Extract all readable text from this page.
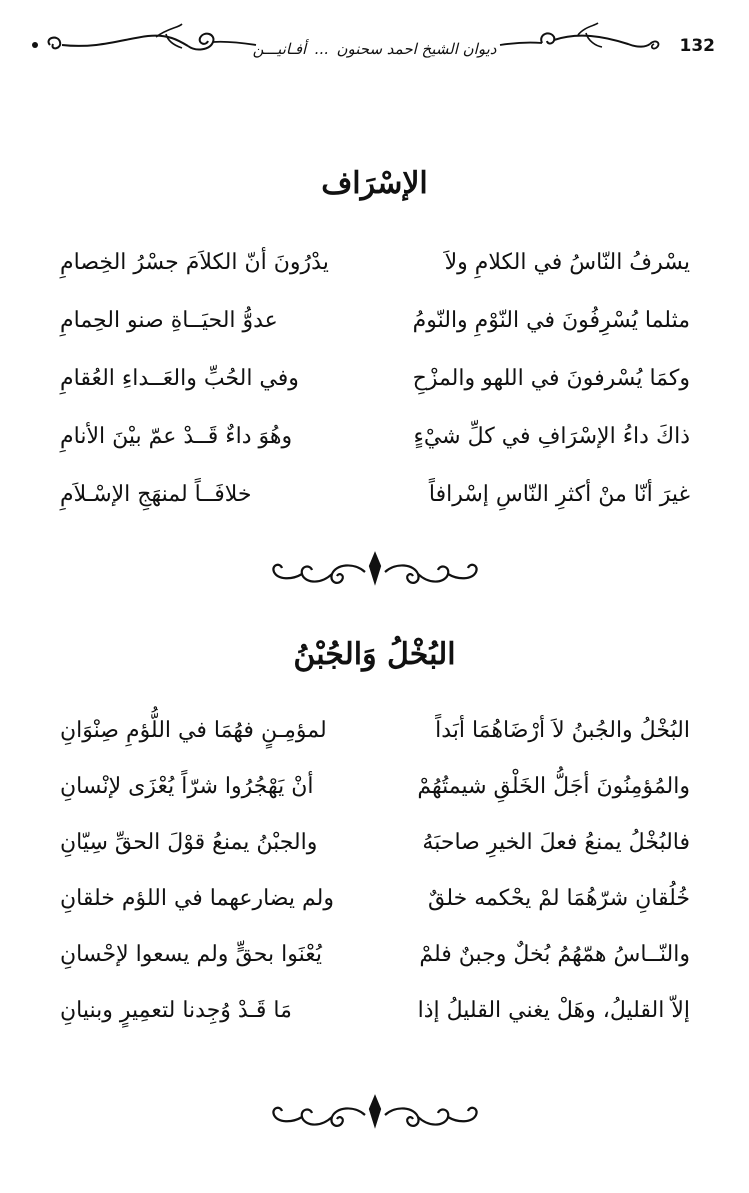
132
ديوان الشيخ احمد سحنون...أفـانيـــن
الإسْرَاف
يسْرفُ النّاسُ في الكلامِ ولاَ
يدْرُونَ أنّ الكلاَمَ جسْرُ الخِصامِ
مثلما يُسْرِفُونَ في النّوْمِ والنّومُ
عدوُّ الحيَــاةِ صنو الحِمامِ
وكمَا يُسْرفونَ في اللهو والمزْحِ
وفي الحُبِّ والعَــداءِ العُقامِ
ذاكَ داءُ الإسْرَافِ في كلِّ شيْءٍ
وهُوَ داءٌ قَــدْ عمّ بيْنَ الأنامِ
غيرَ أنّا منْ أكثرِ النّاسِ إسْرافاً
خلافَــاً لمنهَجِ الإسْـلاَمِ
البُخْلُ وَالجُبْنُ
البُخْلُ والجُبنُ لاَ أرْضَاهُمَا أبَداً
لمؤمِـنٍ فهُمَا في اللُّؤمِ صِنْوَانِ
والمُؤمِنُونَ أجَلُّ الخَلْقِ شيمتُهُمْ
أنْ يَهْجُرُوا شرّاً يُعْزَى لإنْسانِ
فالبُخْلُ يمنعُ فعلَ الخيرِ صاحبَهُ
والجبْنُ يمنعُ قوْلَ الحقِّ سِيّانِ
خُلُقانِ شرّهُمَا لمْ يحْكمه خلقٌ
ولم يضارعهما في اللؤم خلقانِ
والنّــاسُ همّهُمُ بُخلٌ وجبنٌ فلمْ
يُعْنَوا بحقٍّ ولم يسعوا لإحْسانِ
إلاّ القليلُ، وهَلْ يغني القليلُ إذا
مَا قَـدْ وُجِدنا لتعمِيرٍ وبنيانِ
